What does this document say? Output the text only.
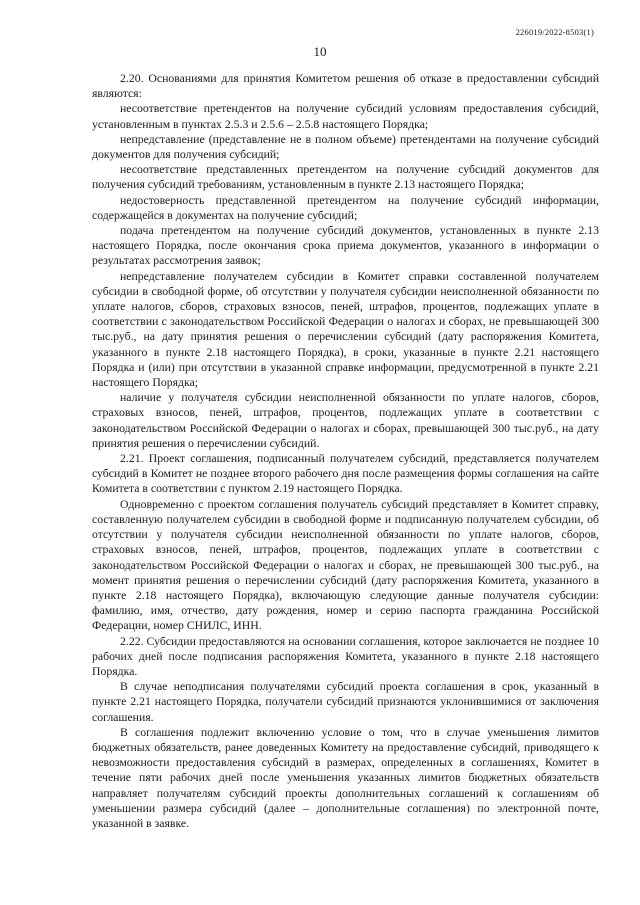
226019/2022-8503(1)
10

2.20. Основаниями для принятия Комитетом решения об отказе в предоставлении субсидий являются:

несоответствие претендентов на получение субсидий условиям предоставления субсидий, установленным в пунктах 2.5.3 и 2.5.6 – 2.5.8 настоящего Порядка;

непредставление (представление не в полном объеме) претендентами на получение субсидий документов для получения субсидий;

несоответствие представленных претендентом на получение субсидий документов для получения субсидий требованиям, установленным в пункте 2.13 настоящего Порядка;

недостоверность представленной претендентом на получение субсидий информации, содержащейся в документах на получение субсидий;

подача претендентом на получение субсидий документов, установленных в пункте 2.13 настоящего Порядка, после окончания срока приема документов, указанного в информации о результатах рассмотрения заявок;

непредставление получателем субсидии в Комитет справки составленной получателем субсидии в свободной форме, об отсутствии у получателя субсидии неисполненной обязанности по уплате налогов, сборов, страховых взносов, пеней, штрафов, процентов, подлежащих уплате в соответствии с законодательством Российской Федерации о налогах и сборах, не превышающей 300 тыс.руб., на дату принятия решения о перечислении субсидий (дату распоряжения Комитета, указанного в пункте 2.18 настоящего Порядка), в сроки, указанные в пункте 2.21 настоящего Порядка и (или) при отсутствии в указанной справке информации, предусмотренной в пункте 2.21 настоящего Порядка;

наличие у получателя субсидии неисполненной обязанности по уплате налогов, сборов, страховых взносов, пеней, штрафов, процентов, подлежащих уплате в соответствии с законодательством Российской Федерации о налогах и сборах, превышающей 300 тыс.руб., на дату принятия решения о перечислении субсидий.

2.21. Проект соглашения, подписанный получателем субсидий, представляется получателем субсидий в Комитет не позднее второго рабочего дня после размещения формы соглашения на сайте Комитета в соответствии с пунктом 2.19 настоящего Порядка.

Одновременно с проектом соглашения получатель субсидий представляет в Комитет справку, составленную получателем субсидии в свободной форме и подписанную получателем субсидии, об отсутствии у получателя субсидии неисполненной обязанности по уплате налогов, сборов, страховых взносов, пеней, штрафов, процентов, подлежащих уплате в соответствии с законодательством Российской Федерации о налогах и сборах, не превышающей 300 тыс.руб., на момент принятия решения о перечислении субсидий (дату распоряжения Комитета, указанного в пункте 2.18 настоящего Порядка), включающую следующие данные получателя субсидии: фамилию, имя, отчество, дату рождения, номер и серию паспорта гражданина Российской Федерации, номер СНИЛС, ИНН.

2.22. Субсидии предоставляются на основании соглашения, которое заключается не позднее 10 рабочих дней после подписания распоряжения Комитета, указанного в пункте 2.18 настоящего Порядка.

В случае неподписания получателями субсидий проекта соглашения в срок, указанный в пункте 2.21 настоящего Порядка, получатели субсидий признаются уклонившимися от заключения соглашения.

В соглашения подлежит включению условие о том, что в случае уменьшения лимитов бюджетных обязательств, ранее доведенных Комитету на предоставление субсидий, приводящего к невозможности предоставления субсидий в размерах, определенных в соглашениях, Комитет в течение пяти рабочих дней после уменьшения указанных лимитов бюджетных обязательств направляет получателям субсидий проекты дополнительных соглашений к соглашениям об уменьшении размера субсидий (далее – дополнительные соглашения) по электронной почте, указанной в заявке.
